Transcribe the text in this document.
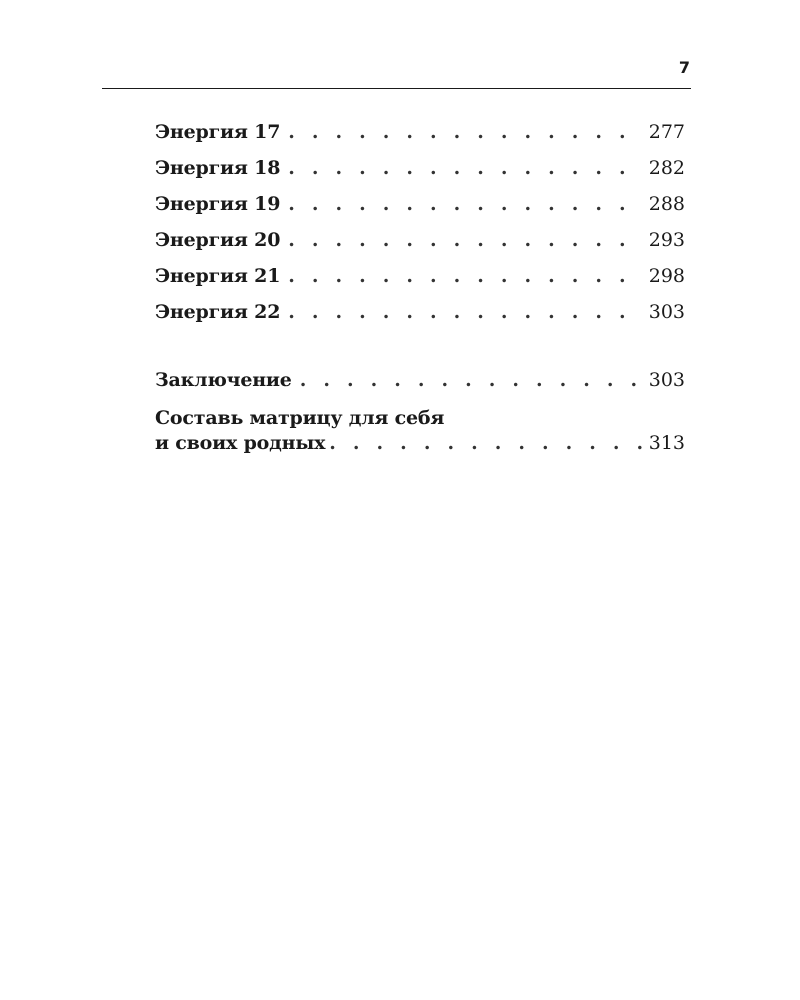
7
Энергия 17 . . .	277
Энергия 18 . . .	282
Энергия 19 . . .	288
Энергия 20 . . .	293
Энергия 21 . . .	298
Энергия 22 . . .	303
Заключение . . .	303
Составь матрицу для себя
и своих родных . . .	313
